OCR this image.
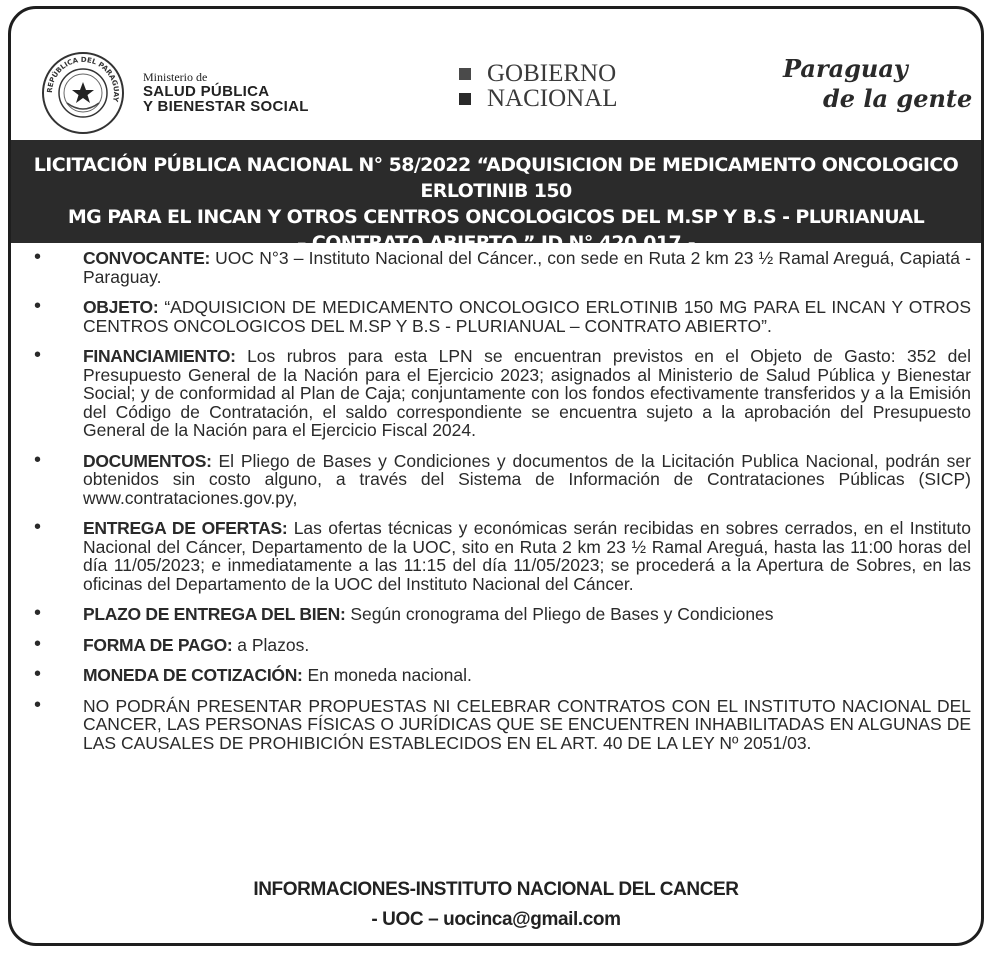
REPÚBLICA DEL PARAGUAY
Ministerio de
SALUD PÚBLICA
Y BIENESTAR SOCIAL
GOBIERNO
NACIONAL
Paraguay
de la gente
LICITACIÓN PÚBLICA NACIONAL N° 58/2022 “ADQUISICION DE MEDICAMENTO ONCOLOGICO ERLOTINIB 150
MG PARA EL INCAN Y OTROS CENTROS ONCOLOGICOS DEL M.SP Y B.S - PLURIANUAL
– CONTRATO ABIERTO ” ID N° 420.017.-
• CONVOCANTE: UOC N°3 – Instituto Nacional del Cáncer., con sede en Ruta 2 km 23 ½ Ramal Areguá, Capiatá - Paraguay.
• OBJETO: “ADQUISICION DE MEDICAMENTO ONCOLOGICO ERLOTINIB 150 MG PARA EL INCAN Y OTROS CENTROS ONCOLOGICOS DEL M.SP Y B.S - PLURIANUAL – CONTRATO ABIERTO”.
• FINANCIAMIENTO: Los rubros para esta LPN se encuentran previstos en el Objeto de Gasto: 352 del Presupuesto General de la Nación para el Ejercicio 2023; asignados al Ministerio de Salud Pública y Bienestar Social; y de conformidad al Plan de Caja; conjuntamente con los fondos efectivamente transferidos y a la Emisión del Código de Contratación, el saldo correspondiente se encuentra sujeto a la aprobación del Presupuesto General de la Nación para el Ejercicio Fiscal 2024.
• DOCUMENTOS: El Pliego de Bases y Condiciones y documentos de la Licitación Publica Nacional, podrán ser obtenidos sin costo alguno, a través del Sistema de Información de Contrataciones Públicas (SICP) www.contrataciones.gov.py,
• ENTREGA DE OFERTAS: Las ofertas técnicas y económicas serán recibidas en sobres cerrados, en el Instituto Nacional del Cáncer, Departamento de la UOC, sito en Ruta 2 km 23 ½ Ramal Areguá, hasta las 11:00 horas del día 11/05/2023; e inmediatamente a las 11:15 del día 11/05/2023; se procederá a la Apertura de Sobres, en las oficinas del Departamento de la UOC del Instituto Nacional del Cáncer.
• PLAZO DE ENTREGA DEL BIEN: Según cronograma del Pliego de Bases y Condiciones
• FORMA DE PAGO: a Plazos.
• MONEDA DE COTIZACIÓN: En moneda nacional.
• NO PODRÁN PRESENTAR PROPUESTAS NI CELEBRAR CONTRATOS CON EL INSTITUTO NACIONAL DEL CANCER, LAS PERSONAS FÍSICAS O JURÍDICAS QUE SE ENCUENTREN INHABILITADAS EN ALGUNAS DE LAS CAUSALES DE PROHIBICIÓN ESTABLECIDOS EN EL ART. 40 DE LA LEY Nº 2051/03.
INFORMACIONES-INSTITUTO NACIONAL DEL CANCER
- UOC – uocinca@gmail.com
